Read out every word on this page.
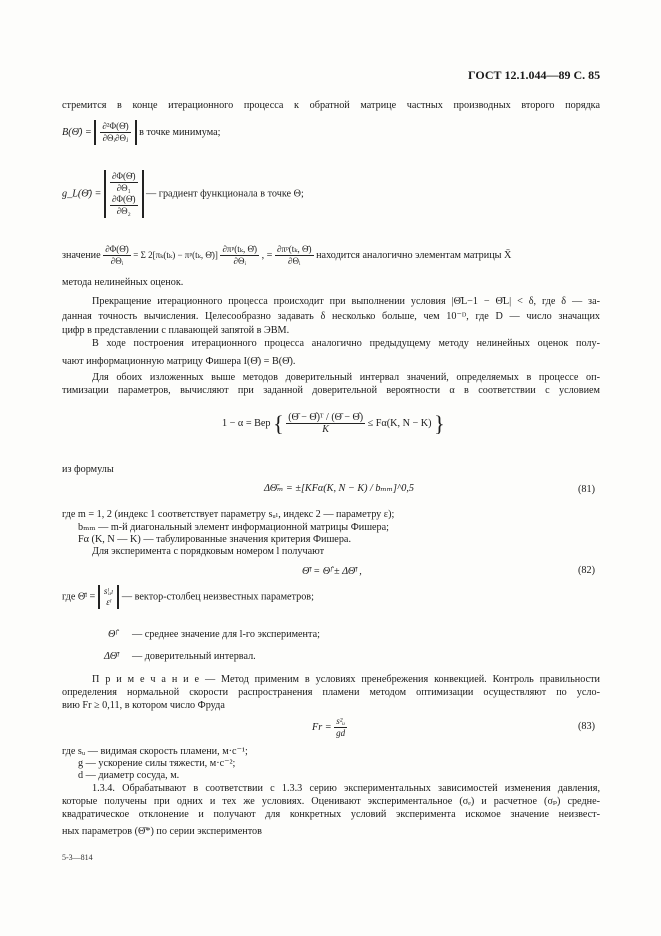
ГОСТ 12.1.044—89 С. 85
стремится в конце итерационного процесса к обратной матрице частных производных второго порядка
B(Θ̄) = $\frac{\text{∂²Φ(Θ̄)}}{\text{∂Θᵢ∂Θⱼ}}$ в точке минимума;
g_L(Θ̄) = $\frac{\partial\Phi(\Thetā)}{\text{∂Θ₁}}$

$\frac{\partial\Phi(\Thetā)}{\text{∂Θ₂}}$
— градиент функционала в точке Θ;
значение $\frac{\partial\Phi(\Thetā)}{\text{∂Θᵢ}} = \Sigma$ 2[πₖ(tₖ) − πᵖ(tₖ, Θ̄)] $\frac{\text{∂πᵖ(tₖ, Θ̄)}}{\text{∂Θᵢ}}$ , = $\frac{\text{∂πᵖ(tₖ, Θ̄)}}{\text{∂Θᵢ}}$ находится аналогично элементам матрицы X̄
метода нелинейных оценок.
Прекращение итерационного процесса происходит при выполнении условия |Θ̄L−1 − Θ̄L| < δ, где δ — за-
данная точность вычисления. Целесообразно задавать δ несколько больше, чем 10⁻ᴰ, где D — число значащих
цифр в представлении с плавающей запятой в ЭВМ.
В ходе построения итерационного процесса аналогично предыдущему методу нелинейных оценок полу-
чают информационную матрицу Фишера I(Θ̄) = B(Θ̄).
Для обоих изложенных выше методов доверительный интервал значений, определяемых в процессе оп-
тимизации параметров, вычисляют при заданной доверительной вероятности α в соответствии с условием
1 − α = Вер { $\frac{\text{(Θ̄ − Θ̂)ᵀ / (Θ̄ − Θ̂)}}{K} \le F\alpha(K$, N − K) }
из формулы
ΔΘ̄ₘ = ±[KFα(K, N − K) / bₘₘ]^0,5	(81)
где m = 1, 2 (индекс 1 соответствует параметру sᵤₗ, индекс 2 — параметру ε);
bₘₘ — m-й диагональный элемент информационной матрицы Фишера;
Fα (K, N — K) — табулированные значения критерия Фишера.
Для эксперимента с порядковым номером l получают
Θ̄ˡ = Θ̂ˡ ± ΔΘ̄ˡ ,	(82)
где Θ̄ˡ =
sˡᵤₗ
εˡ — вектор-столбец неизвестных параметров;
Θ̂ˡ — среднее значение для l-го эксперимента;
ΔΘ̄ˡ — доверительный интервал.
П р и м е ч а н и е — Метод применим в условиях пренебрежения конвекцией. Контроль правильности
определения нормальной скорости распространения пламени методом оптимизации осуществляют по усло-
вию Fr ≥ 0,11, в котором число Фруда
$Fr = \frac{\text{s²ᵤ}}{gd}$	(83)
где sᵤ — видимая скорость пламени, м·с⁻¹;
g — ускорение силы тяжести, м·с⁻²;
d — диаметр сосуда, м.
1.3.4. Обрабатывают в соответствии с 1.3.3 серию экспериментальных зависимостей изменения давления,
которые получены при одних и тех же условиях. Оценивают экспериментальное (σₑ) и расчетное (σₚ) средне-
квадратическое отклонение и получают для конкретных условий эксперимента искомое значение неизвест-
ных параметров (Θ̄*) по серии экспериментов
5-3—814
